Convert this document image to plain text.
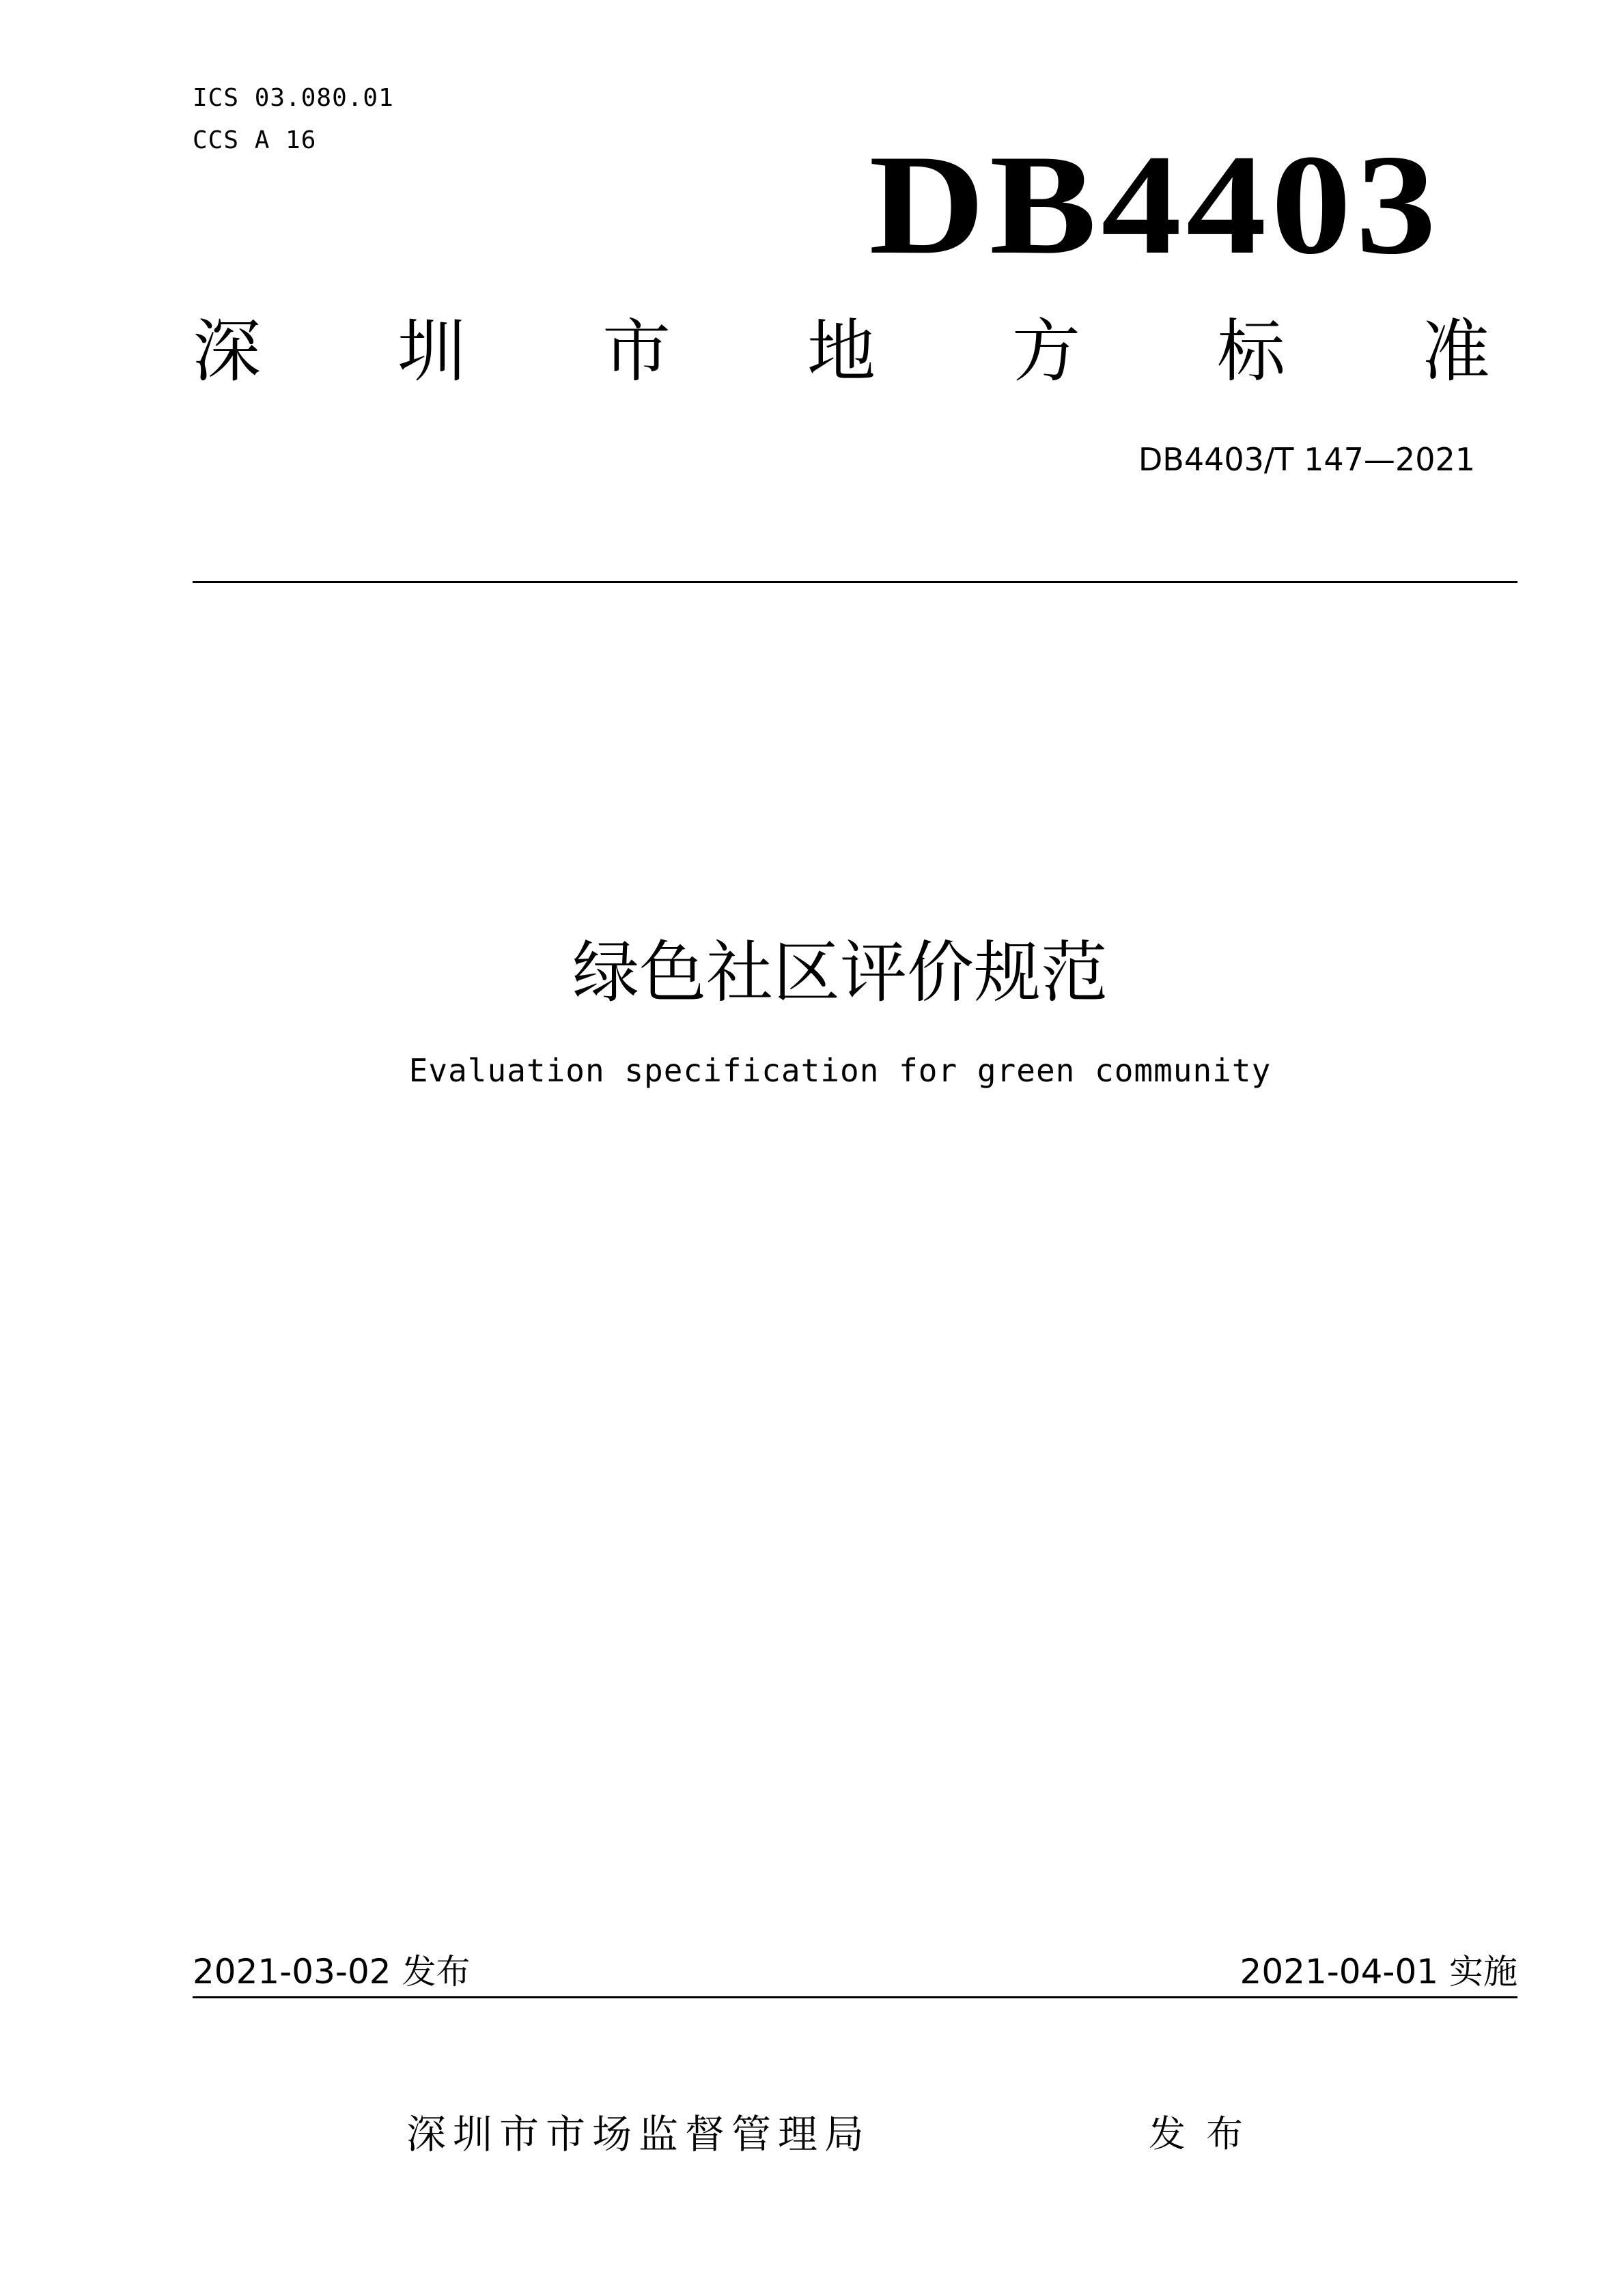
ICS 03.080.01
CCS A 16	DB4403
深 圳 市 地 方 标 准
DB4403/T 147—2021
绿色社区评价规范
Evaluation specification for green community
2021-03-02 发布	2021-04-01 实施
深圳市市场监督管理局	发布
